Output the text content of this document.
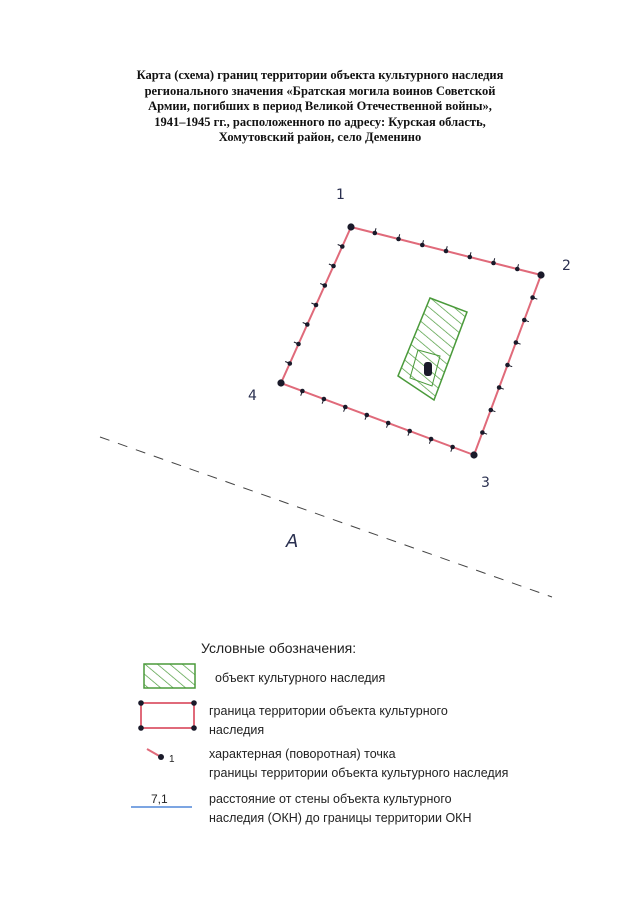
Карта (схема) границ территории объекта культурного наследия
регионального значения «Братская могила воинов Советской
Армии, погибших в период Великой Отечественной войны»,
1941–1945 гг., расположенного по адресу: Курская область,
Хомутовский район, село Деменино
А
1
2
3
4
1
7,1
Условные обозначения:
объект культурного наследия
граница территории объекта культурного
наследия
характерная (поворотная) точка
границы территории объекта культурного наследия
расстояние от стены объекта культурного
наследия (ОКН) до границы территории ОКН
